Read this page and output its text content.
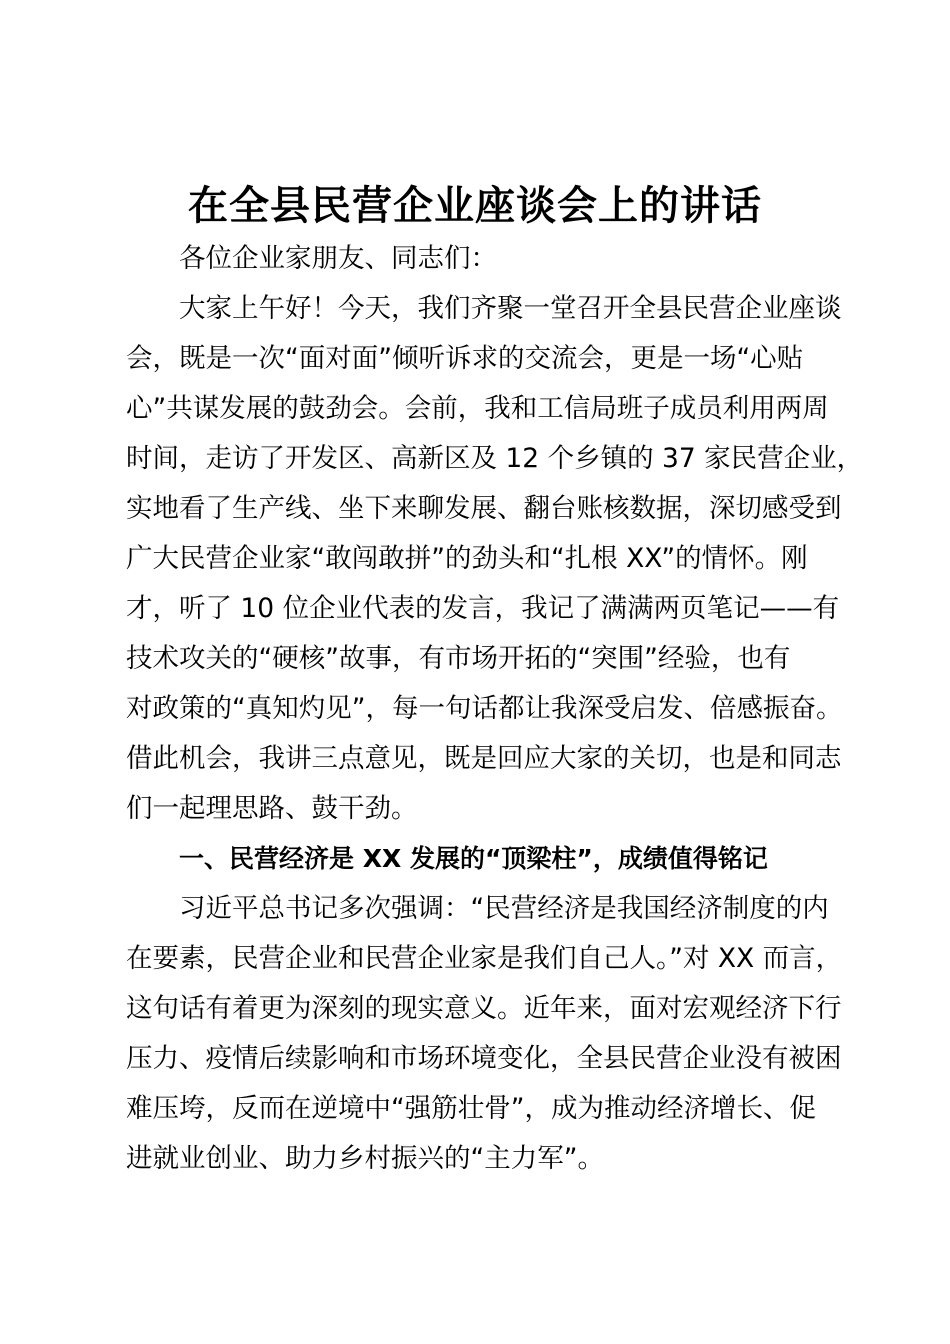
在全县民营企业座谈会上的讲话

各位企业家朋友、同志们：

大家上午好！今天，我们齐聚一堂召开全县民营企业座谈

会，既是一次“面对面”倾听诉求的交流会，更是一场“心贴

心”共谋发展的鼓劲会。会前，我和工信局班子成员利用两周

时间，走访了开发区、高新区及 12 个乡镇的 37 家民营企业，

实地看了生产线、坐下来聊发展、翻台账核数据，深切感受到

广大民营企业家“敢闯敢拼”的劲头和“扎根 XX”的情怀。刚

才，听了 10 位企业代表的发言，我记了满满两页笔记——有

技术攻关的“硬核”故事，有市场开拓的“突围”经验，也有

对政策的“真知灼见”，每一句话都让我深受启发、倍感振奋。

借此机会，我讲三点意见，既是回应大家的关切，也是和同志

们一起理思路、鼓干劲。

一、民营经济是 XX 发展的“顶梁柱”，成绩值得铭记

习近平总书记多次强调：“民营经济是我国经济制度的内

在要素，民营企业和民营企业家是我们自己人。”对 XX 而言，

这句话有着更为深刻的现实意义。近年来，面对宏观经济下行

压力、疫情后续影响和市场环境变化，全县民营企业没有被困

难压垮，反而在逆境中“强筋壮骨”，成为推动经济增长、促

进就业创业、助力乡村振兴的“主力军”。
